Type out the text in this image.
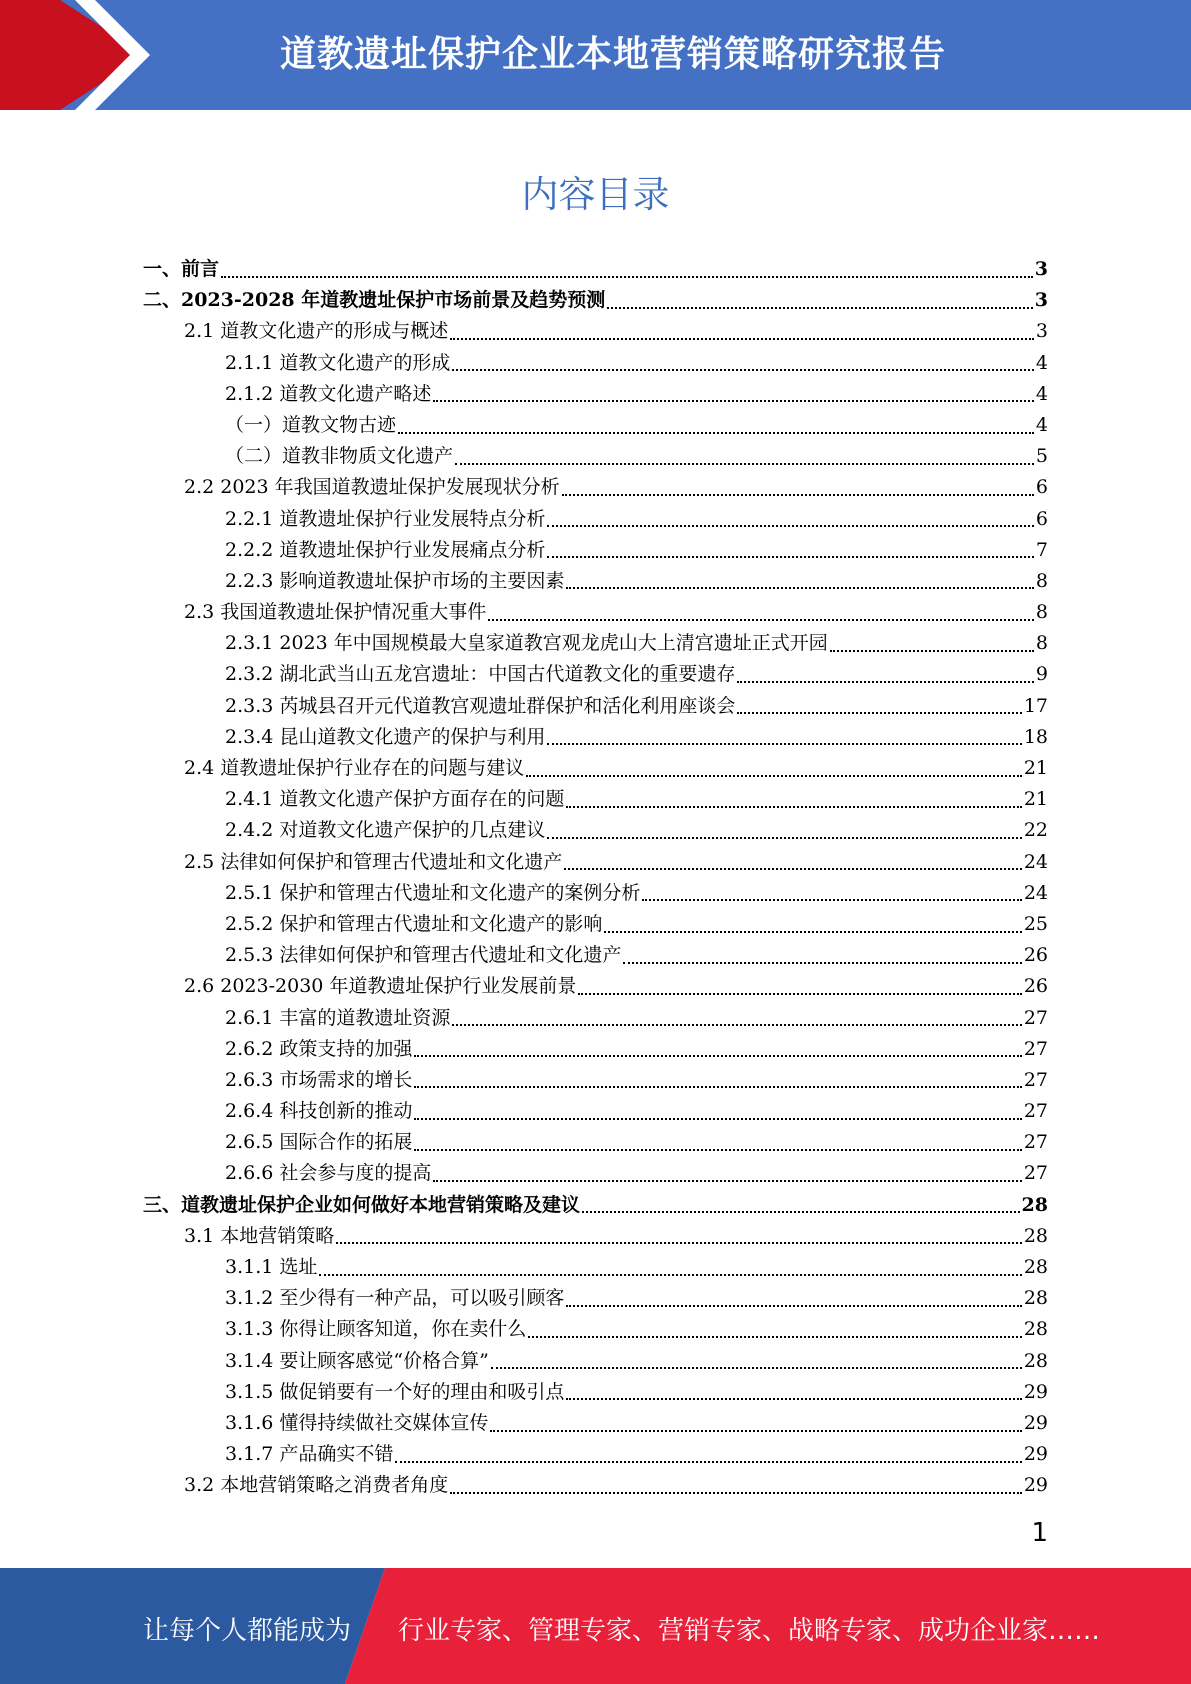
道教遗址保护企业本地营销策略研究报告
内容目录
一、前言	3
二、2023-2028 年道教遗址保护市场前景及趋势预测	3
2.1 道教文化遗产的形成与概述	3
2.1.1 道教文化遗产的形成	4
2.1.2 道教文化遗产略述	4
（一）道教文物古迹	4
（二）道教非物质文化遗产	5
2.2 2023 年我国道教遗址保护发展现状分析	6
2.2.1 道教遗址保护行业发展特点分析	6
2.2.2 道教遗址保护行业发展痛点分析	7
2.2.3 影响道教遗址保护市场的主要因素	8
2.3 我国道教遗址保护情况重大事件	8
2.3.1 2023 年中国规模最大皇家道教宫观龙虎山大上清宫遗址正式开园	8
2.3.2 湖北武当山五龙宫遗址：中国古代道教文化的重要遗存	9
2.3.3 芮城县召开元代道教宫观遗址群保护和活化利用座谈会	17
2.3.4 昆山道教文化遗产的保护与利用	18
2.4 道教遗址保护行业存在的问题与建议	21
2.4.1 道教文化遗产保护方面存在的问题	21
2.4.2 对道教文化遗产保护的几点建议	22
2.5 法律如何保护和管理古代遗址和文化遗产	24
2.5.1 保护和管理古代遗址和文化遗产的案例分析	24
2.5.2 保护和管理古代遗址和文化遗产的影响	25
2.5.3 法律如何保护和管理古代遗址和文化遗产	26
2.6 2023-2030 年道教遗址保护行业发展前景	26
2.6.1 丰富的道教遗址资源	27
2.6.2 政策支持的加强	27
2.6.3 市场需求的增长	27
2.6.4 科技创新的推动	27
2.6.5 国际合作的拓展	27
2.6.6 社会参与度的提高	27
三、道教遗址保护企业如何做好本地营销策略及建议	28
3.1 本地营销策略	28
3.1.1 选址	28
3.1.2 至少得有一种产品，可以吸引顾客	28
3.1.3 你得让顾客知道，你在卖什么	28
3.1.4 要让顾客感觉“价格合算”	28
3.1.5 做促销要有一个好的理由和吸引点	29
3.1.6 懂得持续做社交媒体宣传	29
3.1.7 产品确实不错	29
3.2 本地营销策略之消费者角度	29
1
让每个人都能成为 行业专家、管理专家、营销专家、战略专家、成功企业家……
